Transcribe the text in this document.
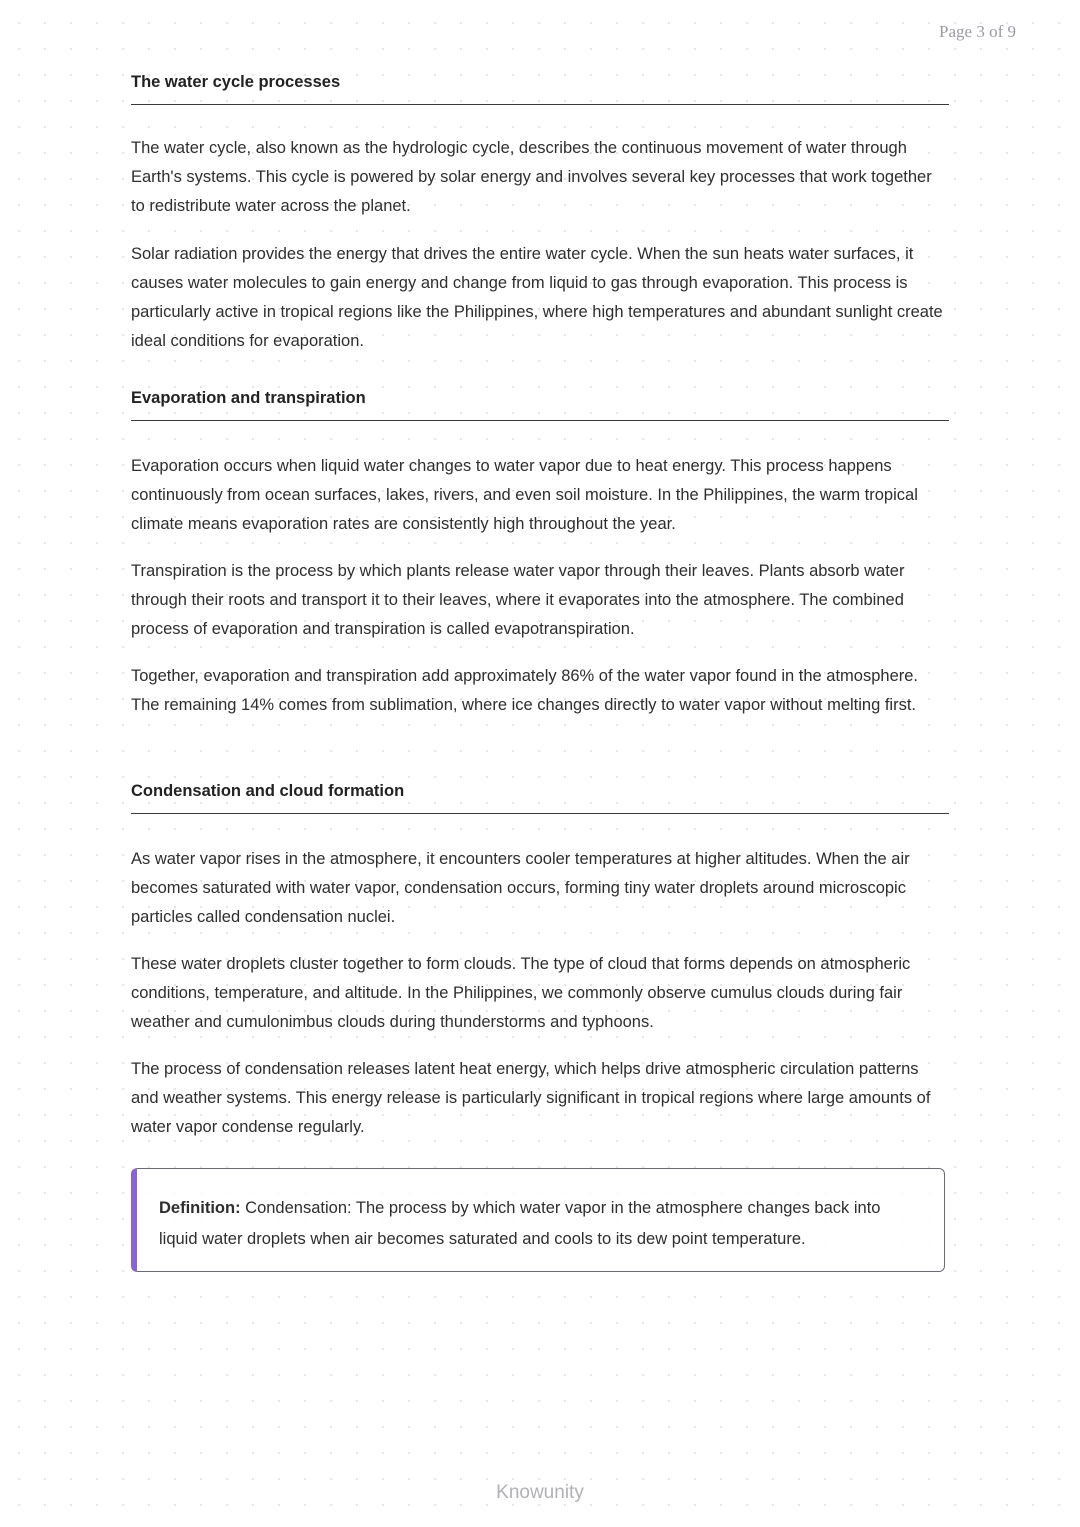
Page 3 of 9
The water cycle processes

The water cycle, also known as the hydrologic cycle, describes the continuous movement of water through Earth's systems. This cycle is powered by solar energy and involves several key processes that work together to redistribute water across the planet.

Solar radiation provides the energy that drives the entire water cycle. When the sun heats water surfaces, it causes water molecules to gain energy and change from liquid to gas through evaporation. This process is particularly active in tropical regions like the Philippines, where high temperatures and abundant sunlight create ideal conditions for evaporation.

Evaporation and transpiration

Evaporation occurs when liquid water changes to water vapor due to heat energy. This process happens continuously from ocean surfaces, lakes, rivers, and even soil moisture. In the Philippines, the warm tropical climate means evaporation rates are consistently high throughout the year.

Transpiration is the process by which plants release water vapor through their leaves. Plants absorb water through their roots and transport it to their leaves, where it evaporates into the atmosphere. The combined process of evaporation and transpiration is called evapotranspiration.

Together, evaporation and transpiration add approximately 86% of the water vapor found in the atmosphere. The remaining 14% comes from sublimation, where ice changes directly to water vapor without melting first.

Condensation and cloud formation

As water vapor rises in the atmosphere, it encounters cooler temperatures at higher altitudes. When the air becomes saturated with water vapor, condensation occurs, forming tiny water droplets around microscopic particles called condensation nuclei.

These water droplets cluster together to form clouds. The type of cloud that forms depends on atmospheric conditions, temperature, and altitude. In the Philippines, we commonly observe cumulus clouds during fair weather and cumulonimbus clouds during thunderstorms and typhoons.

The process of condensation releases latent heat energy, which helps drive atmospheric circulation patterns and weather systems. This energy release is particularly significant in tropical regions where large amounts of water vapor condense regularly.

Definition: Condensation: The process by which water vapor in the atmosphere changes back into liquid water droplets when air becomes saturated and cools to its dew point temperature.
Knowunity
